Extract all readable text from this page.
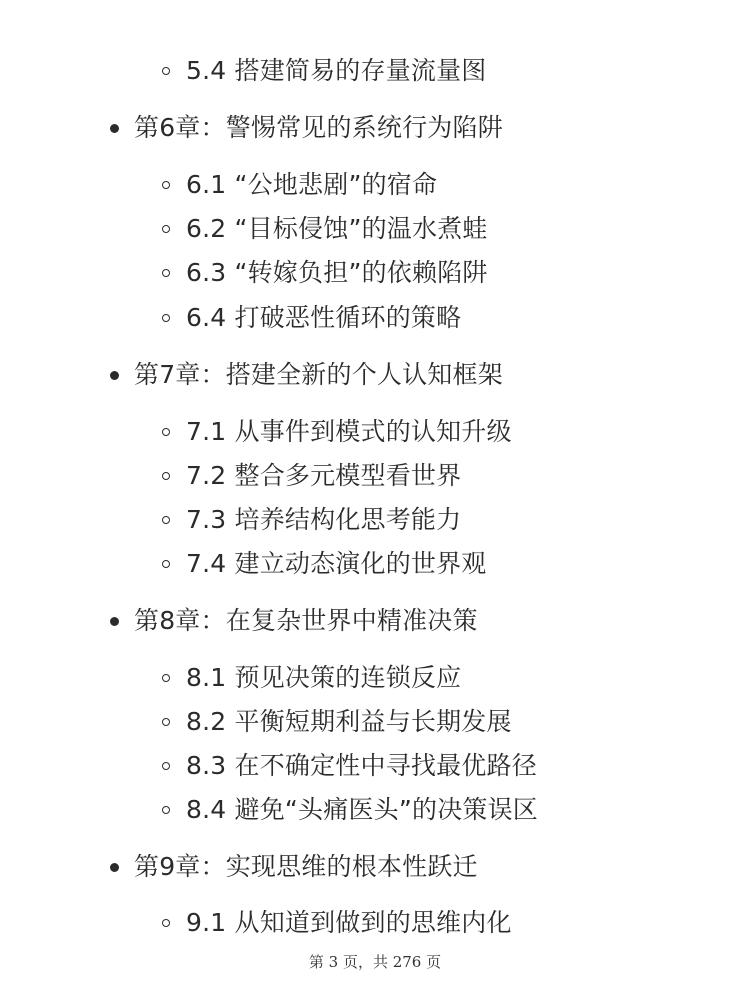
5.4 搭建简易的存量流量图
第6章：警惕常见的系统行为陷阱
6.1 “公地悲剧”的宿命
6.2 “目标侵蚀”的温水煮蛙
6.3 “转嫁负担”的依赖陷阱
6.4 打破恶性循环的策略
第7章：搭建全新的个人认知框架
7.1 从事件到模式的认知升级
7.2 整合多元模型看世界
7.3 培养结构化思考能力
7.4 建立动态演化的世界观
第8章：在复杂世界中精准决策
8.1 预见决策的连锁反应
8.2 平衡短期利益与长期发展
8.3 在不确定性中寻找最优路径
8.4 避免“头痛医头”的决策误区
第9章：实现思维的根本性跃迁
9.1 从知道到做到的思维内化
第 3 页，共 276 页
